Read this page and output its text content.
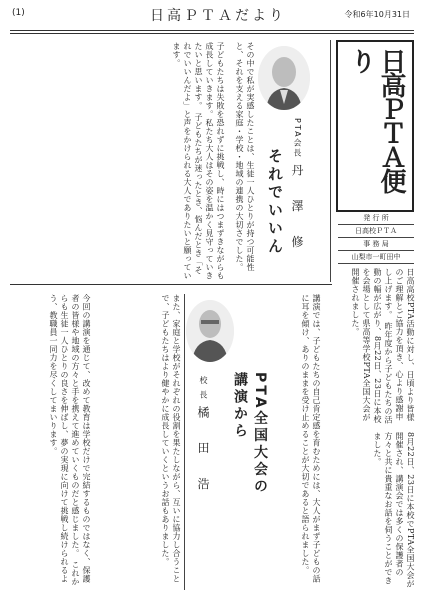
(1)	日高ＰＴＡだより	令和6年10月31日
日高ＰＴＡ便り
発 行 所
日高校ＰＴＡ
事 務 局
山梨市一町田中
それでいいん
PTA会長 丹 澤 修
日高高校PTA活動に対し、日頃より皆様のご理解とご協力を頂き、心より感謝申し上げます。 昨年度から子どもたちの活動の幅が広がり、8月22日、23日に本校を会場として県高等学校PTA全国大会が開催されました。
その中で私が実感したことは、生徒一人ひとりが持つ可能性と、それを支える家庭・学校・地域の連携の大切さでした。
子どもたちは失敗を恐れずに挑戦し、時にはつまずきながらも成長していきます。私たち大人はその姿を温かく見守っていきたいと思います。 子どもたちが迷ったとき、悩んだとき「それでいいんだよ」と声をかけられる大人でありたいと願っています。
PTA全国大会の講演から
校 長 橘 田 浩	8月22日、23日に本校でPTA全国大会が開催され、講演会では多くの保護者の方々と共に貴重なお話を伺うことができました。
講演では、子どもたちの自己肯定感を育むためには、大人がまず子どもの話に耳を傾け、ありのままを受け止めることが大切であると語られました。
また、家庭と学校がそれぞれの役割を果たしながら、互いに協力し合うことで、子どもたちはより健やかに成長していくというお話もありました。
今回の講演を通じて、改めて教育は学校だけで完結するものではなく、保護者の皆様や地域の方々と手を携えて進めていくものだと感じました。 これからも生徒一人ひとりの良さを伸ばし、夢の実現に向けて挑戦し続けられるよう、教職員一同力を尽くしてまいります。
